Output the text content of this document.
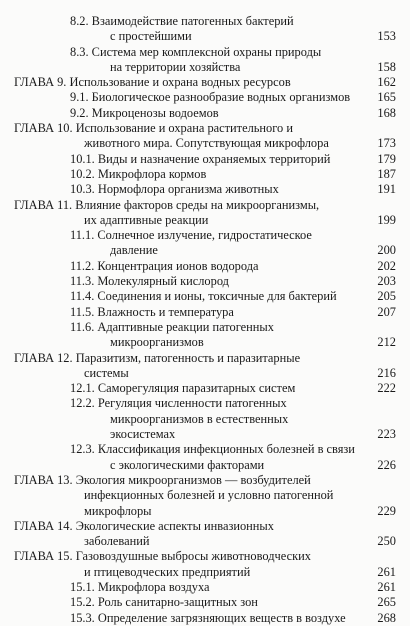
8.2. Взаимодействие патогенных бактерий
с простейшими	153
8.3. Система мер комплексной охраны природы
на территории хозяйства	158
ГЛАВА 9. Использование и охрана водных ресурсов	162
9.1. Биологическое разнообразие водных организмов	165
9.2. Микроценозы водоемов	168
ГЛАВА 10. Использование и охрана растительного и
животного мира. Сопутствующая микрофлора	173
10.1. Виды и назначение охраняемых территорий	179
10.2. Микрофлора кормов	187
10.3. Нормофлора организма животных	191
ГЛАВА 11. Влияние факторов среды на микроорганизмы,
их адаптивные реакции	199
11.1. Солнечное излучение, гидростатическое
давление	200
11.2. Концентрация ионов водорода	202
11.3. Молекулярный кислород	203
11.4. Соединения и ионы, токсичные для бактерий	205
11.5. Влажность и температура	207
11.6. Адаптивные реакции патогенных
микроорганизмов	212
ГЛАВА 12. Паразитизм, патогенность и паразитарные
системы	216
12.1. Саморегуляция паразитарных систем	222
12.2. Регуляция численности патогенных
микроорганизмов в естественных экосистемах	223
12.3. Классификация инфекционных болезней в связи
с экологическими факторами	226
ГЛАВА 13. Экология микроорганизмов — возбудителей
инфекционных болезней и условно патогенной
микрофлоры	229
ГЛАВА 14. Экологические аспекты инвазионных
заболеваний	250
ГЛАВА 15. Газовоздушные выбросы животноводческих
и птицеводческих предприятий	261
15.1. Микрофлора воздуха	261
15.2. Роль санитарно-защитных зон	265
15.3. Определение загрязняющих веществ в воздухе	268
